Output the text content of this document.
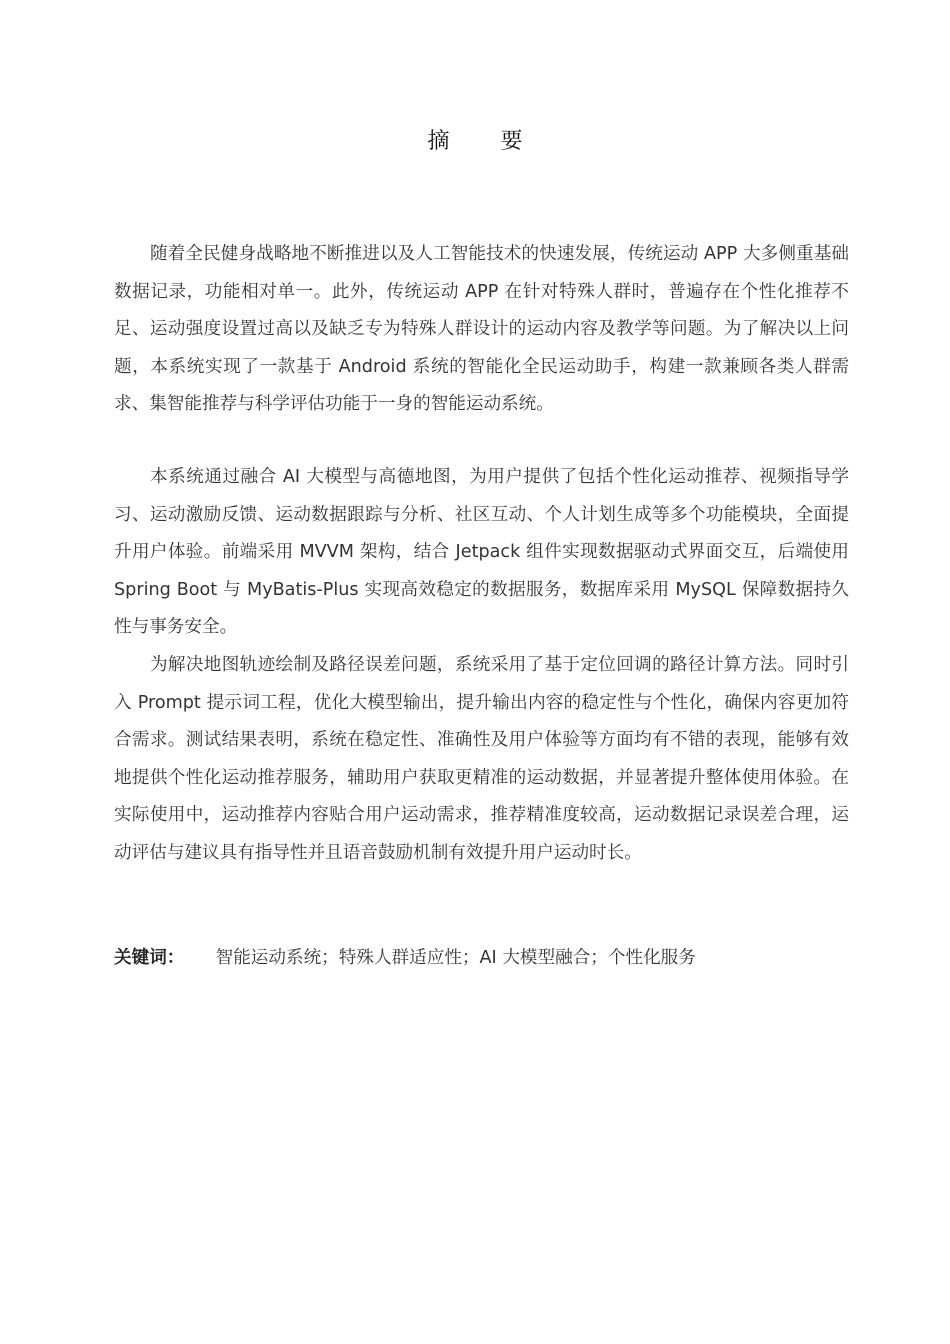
摘 要

随着全民健身战略地不断推进以及人工智能技术的快速发展，传统运动 APP 大多侧重基础数据记录，功能相对单一。此外，传统运动 APP 在针对特殊人群时，普遍存在个性化推荐不足、运动强度设置过高以及缺乏专为特殊人群设计的运动内容及教学等问题。为了解决以上问题，本系统实现了一款基于 Android 系统的智能化全民运动助手，构建一款兼顾各类人群需求、集智能推荐与科学评估功能于一身的智能运动系统。

本系统通过融合 AI 大模型与高德地图，为用户提供了包括个性化运动推荐、视频指导学习、运动激励反馈、运动数据跟踪与分析、社区互动、个人计划生成等多个功能模块，全面提升用户体验。前端采用 MVVM 架构，结合 Jetpack 组件实现数据驱动式界面交互，后端使用 Spring Boot 与 MyBatis-Plus 实现高效稳定的数据服务，数据库采用 MySQL 保障数据持久性与事务安全。

为解决地图轨迹绘制及路径误差问题，系统采用了基于定位回调的路径计算方法。同时引入 Prompt 提示词工程，优化大模型输出，提升输出内容的稳定性与个性化，确保内容更加符合需求。测试结果表明，系统在稳定性、准确性及用户体验等方面均有不错的表现，能够有效地提供个性化运动推荐服务，辅助用户获取更精准的运动数据，并显著提升整体使用体验。在实际使用中，运动推荐内容贴合用户运动需求，推荐精准度较高，运动数据记录误差合理，运动评估与建议具有指导性并且语音鼓励机制有效提升用户运动时长。

关键词： 智能运动系统；特殊人群适应性；AI 大模型融合；个性化服务
